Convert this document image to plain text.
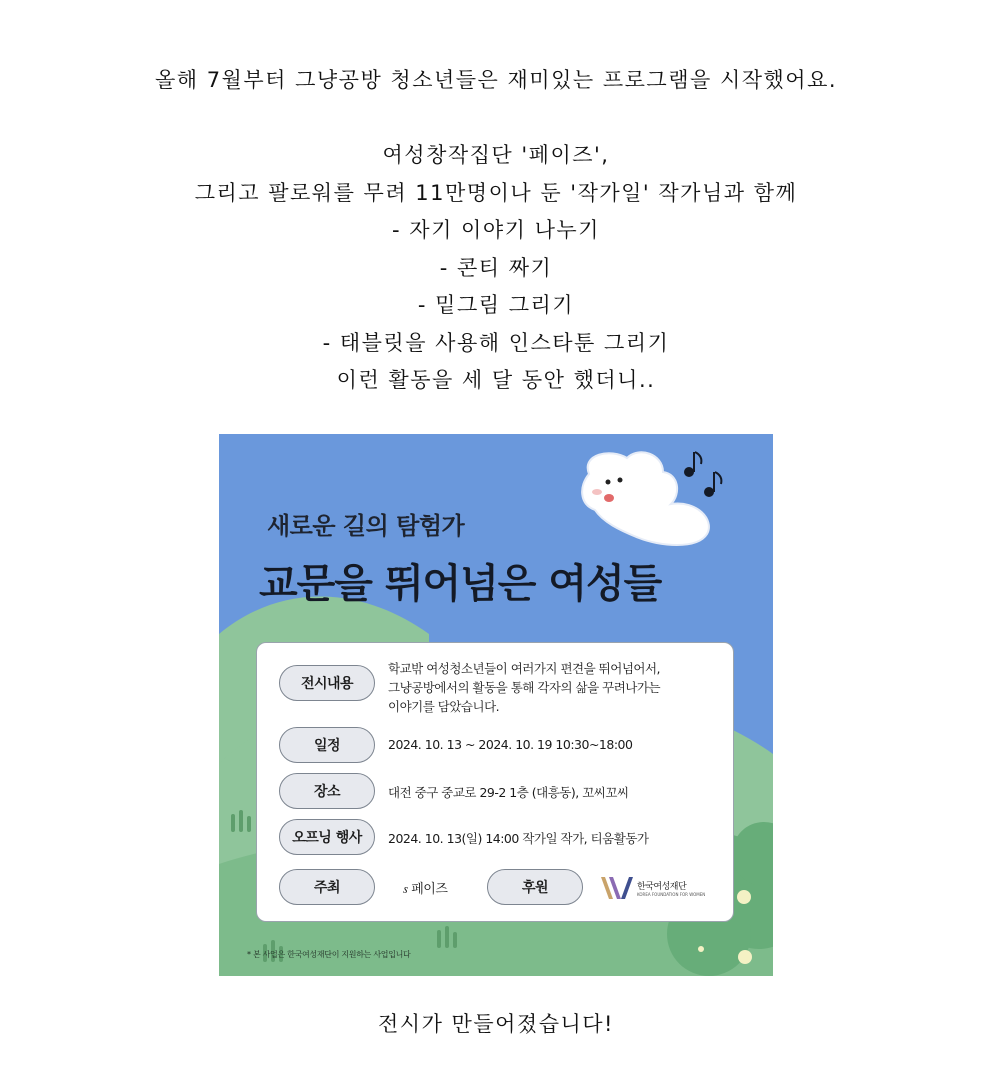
올해 7월부터 그냥공방 청소년들은 재미있는 프로그램을 시작했어요.
여성창작집단 '페이즈',
그리고 팔로워를 무려 11만명이나 둔 '작가일' 작가님과 함께
- 자기 이야기 나누기
- 콘티 짜기
- 밑그림 그리기
- 태블릿을 사용해 인스타툰 그리기
이런 활동을 세 달 동안 했더니..
새로운 길의 탐험가
교문을 뛰어넘은 여성들
전시내용
학교밖 여성청소년들이 여러가지 편견을 뛰어넘어서,
그냥공방에서의 활동을 통해 각자의 삶을 꾸려나가는
이야기를 담았습니다.
일정	2024. 10. 13 ~ 2024. 10. 19 10:30~18:00
장소	대전 중구 중교로 29-2 1층 (대흥동), 꼬씨꼬씨
오프닝 행사	2024. 10. 13(일) 14:00 작가일 작가, 티움활동가
주최	𝆍 페이즈	후원	한국여성재단
KOREA FOUNDATION FOR WOMEN
* 본 사업은 한국여성재단이 지원하는 사업입니다
전시가 만들어졌습니다!
